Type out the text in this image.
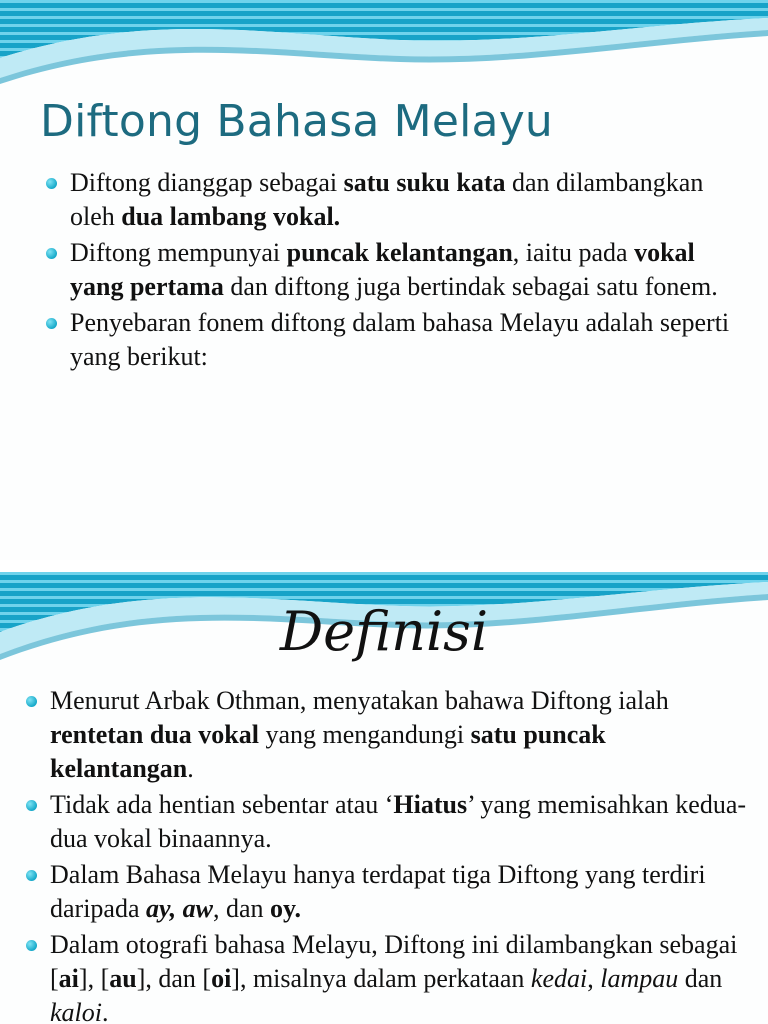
Diftong Bahasa Melayu
Diftong dianggap sebagai satu suku kata dan dilambangkan oleh dua lambang vokal.
Diftong mempunyai puncak kelantangan, iaitu pada vokal yang pertama dan diftong juga bertindak sebagai satu fonem.
Penyebaran fonem diftong dalam bahasa Melayu adalah seperti yang berikut:
Definisi
Menurut Arbak Othman, menyatakan bahawa Diftong ialah rentetan dua vokal yang mengandungi satu puncak kelantangan.
Tidak ada hentian sebentar atau ‘Hiatus’ yang memisahkan kedua-dua vokal binaannya.
Dalam Bahasa Melayu hanya terdapat tiga Diftong yang terdiri daripada ay, aw, dan oy.
Dalam otografi bahasa Melayu, Diftong ini dilambangkan sebagai [ai], [au], dan [oi], misalnya dalam perkataan kedai, lampau dan kaloi.
